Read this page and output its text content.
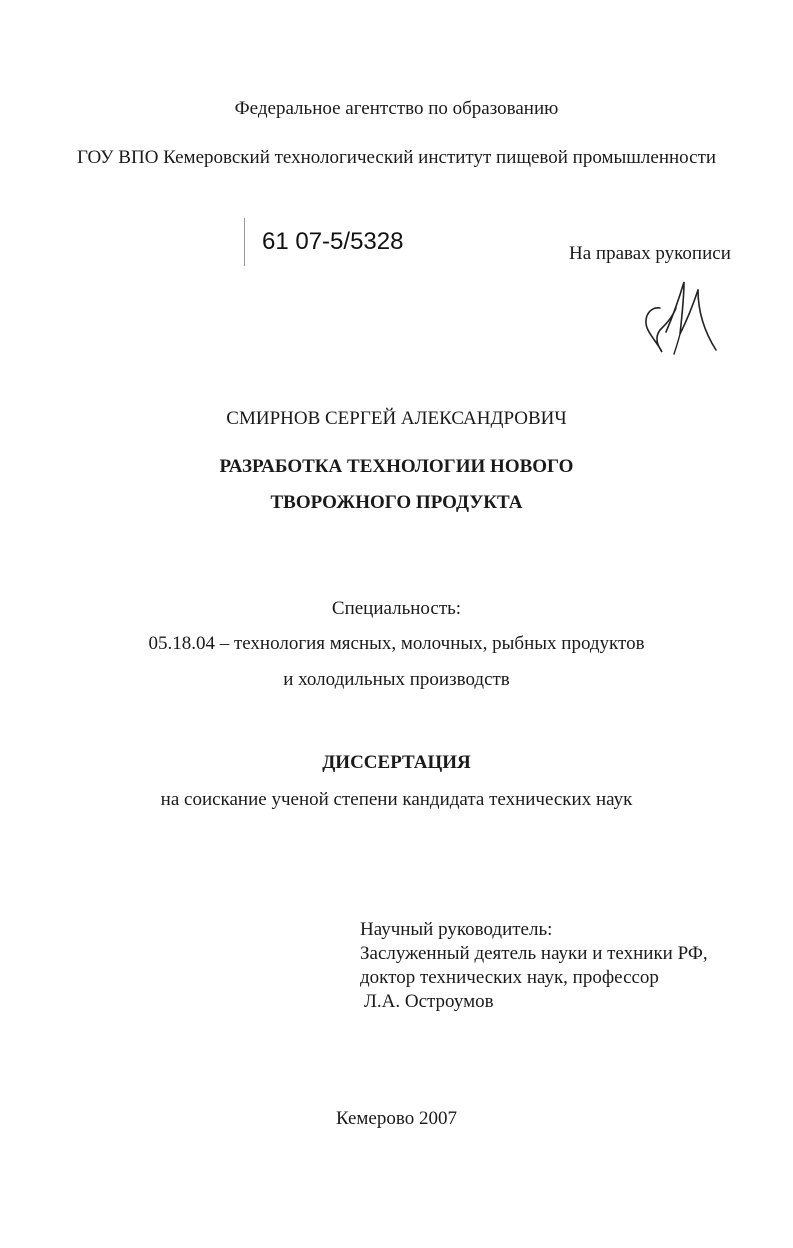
Федеральное агентство по образованию
ГОУ ВПО Кемеровский технологический институт пищевой промышленности
61 07-5/5328	На правах рукописи
СМИРНОВ СЕРГЕЙ АЛЕКСАНДРОВИЧ
РАЗРАБОТКА ТЕХНОЛОГИИ НОВОГО
ТВОРОЖНОГО ПРОДУКТА
Специальность:
05.18.04 – технология мясных, молочных, рыбных продуктов
и холодильных производств
ДИССЕРТАЦИЯ
на соискание ученой степени кандидата технических наук
Научный руководитель:
Заслуженный деятель науки и техники РФ,
доктор технических наук, профессор
Л.А. Остроумов
Кемерово 2007
